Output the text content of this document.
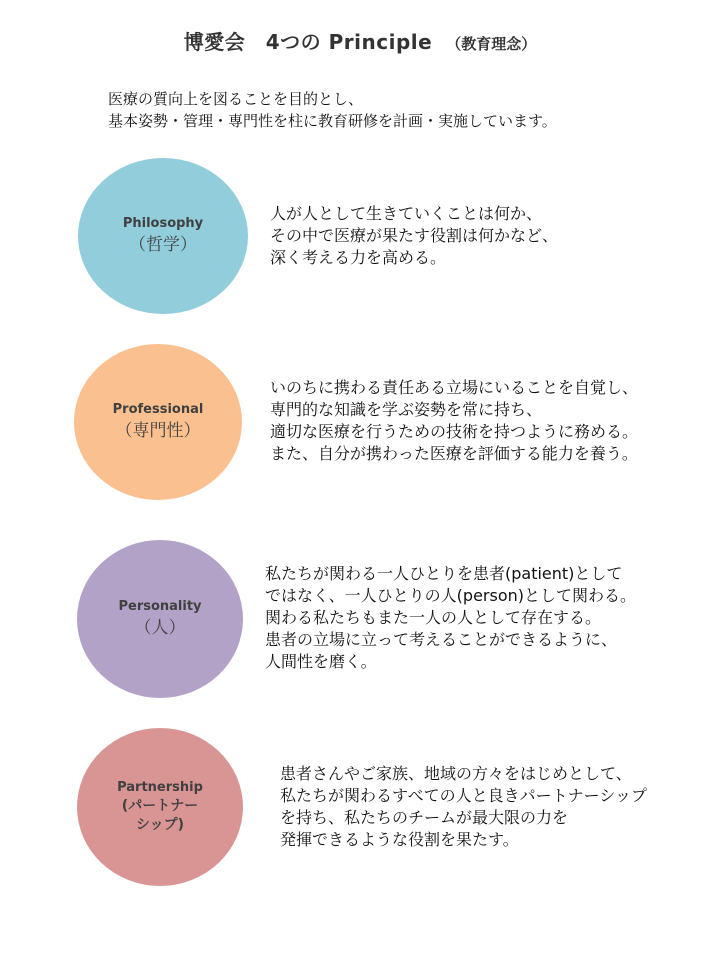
博愛会　4つの Principle （教育理念）
医療の質向上を図ることを目的とし、
基本姿勢・管理・専門性を柱に教育研修を計画・実施しています。
Philosophy
（哲学）
人が人として生きていくことは何か、
その中で医療が果たす役割は何かなど、
深く考える力を高める。
Professional
（専門性）
いのちに携わる責任ある立場にいることを自覚し、
専門的な知識を学ぶ姿勢を常に持ち、
適切な医療を行うための技術を持つように務める。
また、自分が携わった医療を評価する能力を養う。
Personality
（人）
私たちが関わる一人ひとりを患者(patient)として
ではなく、一人ひとりの人(person)として関わる。
関わる私たちもまた一人の人として存在する。
患者の立場に立って考えることができるように、
人間性を磨く。
Partnership
(パートナー
シップ)
患者さんやご家族、地域の方々をはじめとして、
私たちが関わるすべての人と良きパートナーシップ
を持ち、私たちのチームが最大限の力を
発揮できるような役割を果たす。
